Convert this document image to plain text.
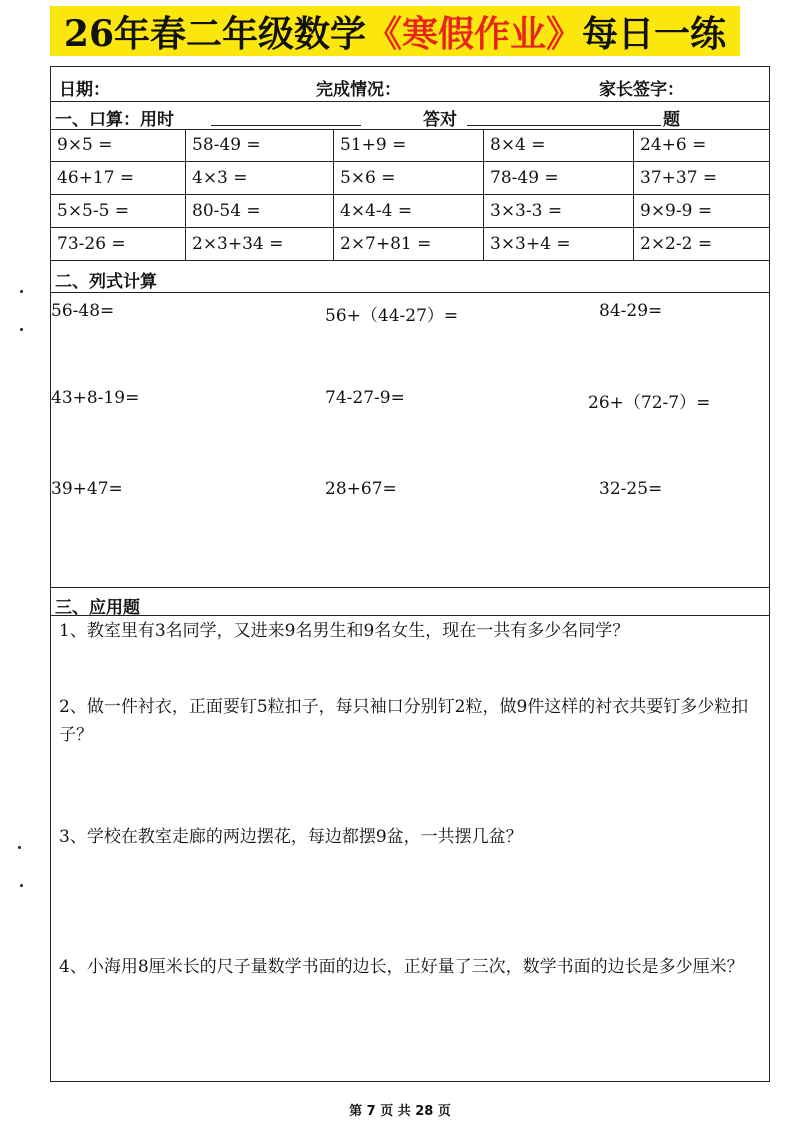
26年春二年级数学 《寒假作业》 每日一练
日期：	完成情况：	家长签字：
一、口算：用时	答对	题
9×5 =	58-49 =	51+9 =	8×4 =	24+6 =
46+17 =	4×3 =	5×6 =	78-49 =	37+37 =
5×5-5 =	80-54 =	4×4-4 =	3×3-3 =	9×9-9 =
73-26 =	2×3+34 =	2×7+81 =	3×3+4 =	2×2-2 =
二、列式计算
56-48=	56+（44-27）=	84-29=
43+8-19=	74-27-9=	26+（72-7）=
39+47=	28+67=	32-25=
三、应用题
1、教室里有3名同学，又进来9名男生和9名女生，现在一共有多少名同学？
2、做一件衬衣，正面要钉5粒扣子，每只袖口分别钉2粒，做9件这样的衬衣共要钉多少粒扣子？
3、学校在教室走廊的两边摆花，每边都摆9盆，一共摆几盆？
4、小海用8厘米长的尺子量数学书面的边长，正好量了三次，数学书面的边长是多少厘米？
第 7 页 共 28 页
